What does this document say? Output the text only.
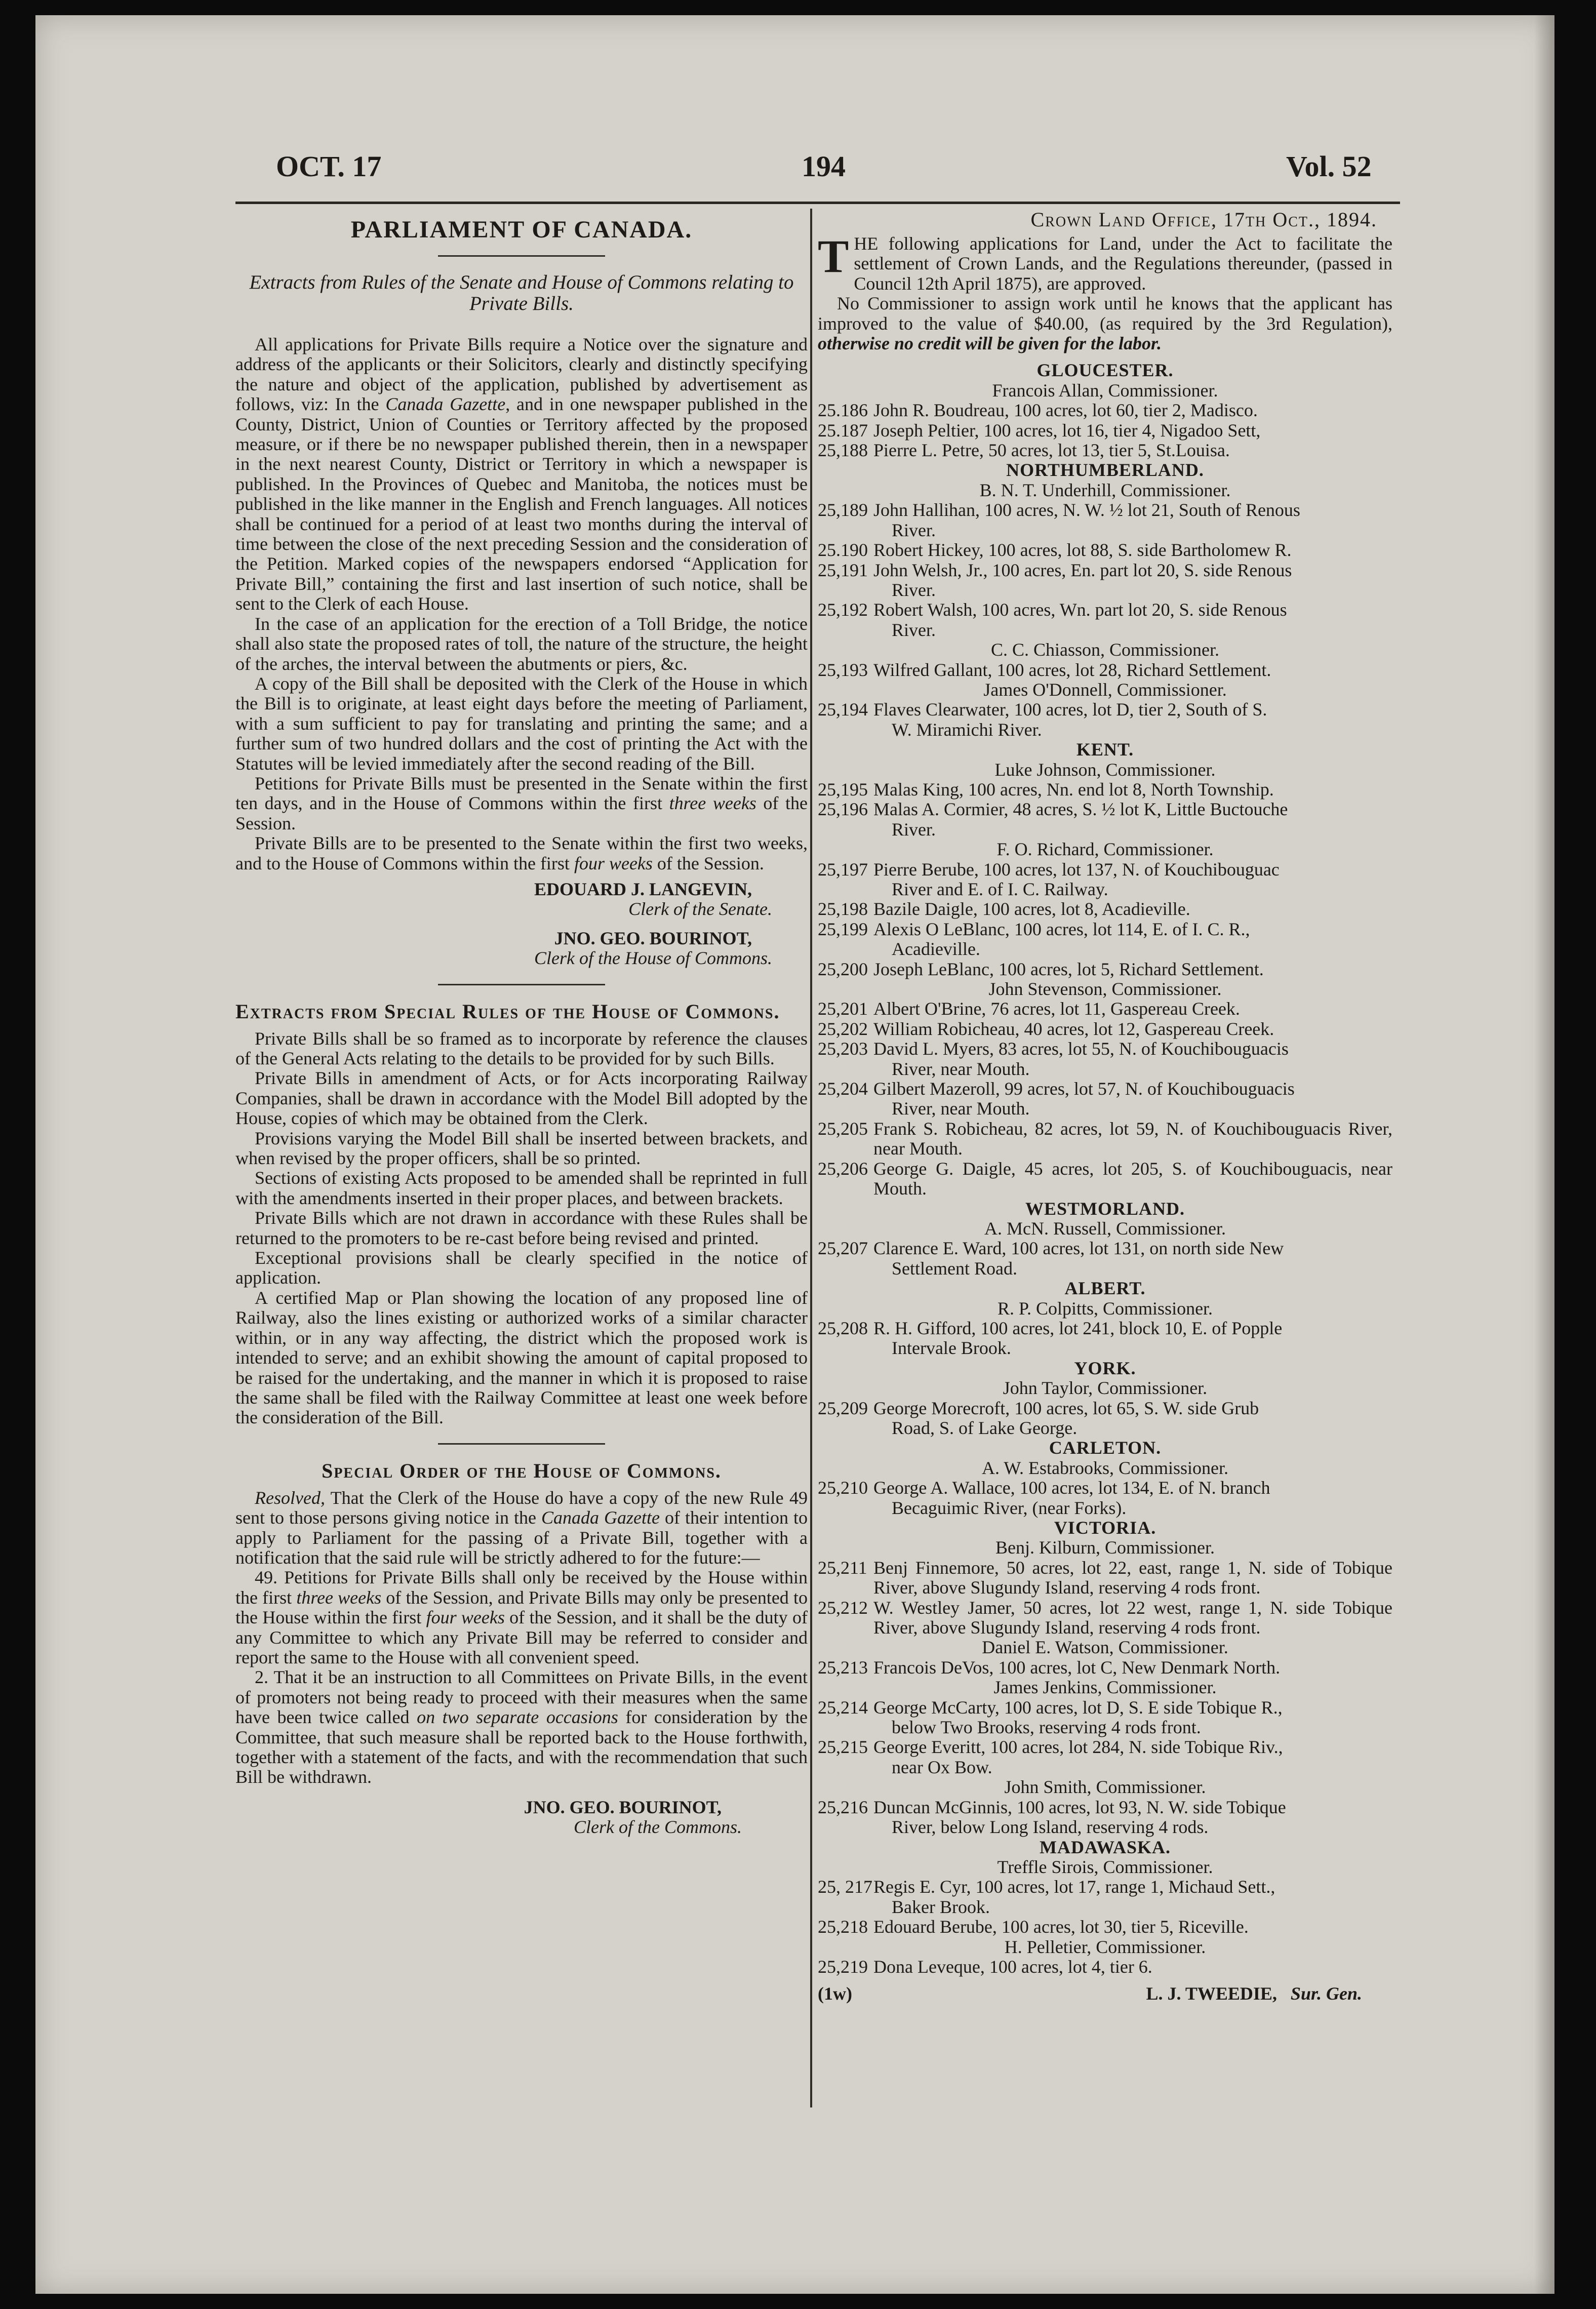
OCT. 17	194	Vol. 52
PARLIAMENT OF CANADA.

Extracts from Rules of the Senate and House of Commons relating to Private Bills.

All applications for Private Bills require a Notice over the signature and address of the applicants or their Solicitors, clearly and distinctly specifying the nature and object of the application, published by advertisement as follows, viz: In the Canada Gazette, and in one newspaper published in the County, District, Union of Counties or Territory affected by the proposed measure, or if there be no newspaper published therein, then in a newspaper in the next nearest County, District or Territory in which a newspaper is published. In the Provinces of Quebec and Manitoba, the notices must be published in the like manner in the English and French languages. All notices shall be continued for a period of at least two months during the interval of time between the close of the next preceding Session and the consideration of the Petition. Marked copies of the newspapers endorsed “Application for Private Bill,” containing the first and last insertion of such notice, shall be sent to the Clerk of each House.

In the case of an application for the erection of a Toll Bridge, the notice shall also state the proposed rates of toll, the nature of the structure, the height of the arches, the interval between the abutments or piers, &c.

A copy of the Bill shall be deposited with the Clerk of the House in which the Bill is to originate, at least eight days before the meeting of Parliament, with a sum sufficient to pay for translating and printing the same; and a further sum of two hundred dollars and the cost of printing the Act with the Statutes will be levied immediately after the second reading of the Bill.

Petitions for Private Bills must be presented in the Senate within the first ten days, and in the House of Commons within the first three weeks of the Session.

Private Bills are to be presented to the Senate within the first two weeks, and to the House of Commons within the first four weeks of the Session.

EDOUARD J. LANGEVIN,
Clerk of the Senate.
JNO. GEO. BOURINOT,
Clerk of the House of Commons.
Extracts from Special Rules of the House of Commons.

Private Bills shall be so framed as to incorporate by reference the clauses of the General Acts relating to the details to be provided for by such Bills.

Private Bills in amendment of Acts, or for Acts incorporating Railway Companies, shall be drawn in accordance with the Model Bill adopted by the House, copies of which may be obtained from the Clerk.

Provisions varying the Model Bill shall be inserted between brackets, and when revised by the proper officers, shall be so printed.

Sections of existing Acts proposed to be amended shall be reprinted in full with the amendments inserted in their proper places, and between brackets.

Private Bills which are not drawn in accordance with these Rules shall be returned to the promoters to be re-cast before being revised and printed.

Exceptional provisions shall be clearly specified in the notice of application.

A certified Map or Plan showing the location of any proposed line of Railway, also the lines existing or authorized works of a similar character within, or in any way affecting, the district which the proposed work is intended to serve; and an exhibit showing the amount of capital proposed to be raised for the undertaking, and the manner in which it is proposed to raise the same shall be filed with the Railway Committee at least one week before the consideration of the Bill.

Special Order of the House of Commons.

Resolved, That the Clerk of the House do have a copy of the new Rule 49 sent to those persons giving notice in the Canada Gazette of their intention to apply to Parliament for the passing of a Private Bill, together with a notification that the said rule will be strictly adhered to for the future:—

49. Petitions for Private Bills shall only be received by the House within the first three weeks of the Session, and Private Bills may only be presented to the House within the first four weeks of the Session, and it shall be the duty of any Committee to which any Private Bill may be referred to consider and report the same to the House with all convenient speed.

2. That it be an instruction to all Committees on Private Bills, in the event of promoters not being ready to proceed with their measures when the same have been twice called on two separate occasions for consideration by the Committee, that such measure shall be reported back to the House forthwith, together with a statement of the facts, and with the recommendation that such Bill be withdrawn.

JNO. GEO. BOURINOT,
Clerk of the Commons.
Crown Land Office, 17th Oct., 1894.

THE following applications for Land, under the Act to facilitate the settlement of Crown Lands, and the Regulations thereunder, (passed in Council 12th April 1875), are approved.

No Commissioner to assign work until he knows that the applicant has improved to the value of $40.00, (as required by the 3rd Regulation), otherwise no credit will be given for the labor.

GLOUCESTER.
Francois Allan, Commissioner.
25.186 John R. Boudreau, 100 acres, lot 60, tier 2, Madisco.
25.187 Joseph Peltier, 100 acres, lot 16, tier 4, Nigadoo Sett,
25,188 Pierre L. Petre, 50 acres, lot 13, tier 5, St.Louisa.
NORTHUMBERLAND.
B. N. T. Underhill, Commissioner.
25,189 John Hallihan, 100 acres, N. W. ½ lot 21, South of Renous
River.
25.190 Robert Hickey, 100 acres, lot 88, S. side Bartholomew R.
25,191 John Welsh, Jr., 100 acres, En. part lot 20, S. side Renous
River.
25,192 Robert Walsh, 100 acres, Wn. part lot 20, S. side Renous
River.
C. C. Chiasson, Commissioner.
25,193 Wilfred Gallant, 100 acres, lot 28, Richard Settlement.
James O'Donnell, Commissioner.
25,194 Flaves Clearwater, 100 acres, lot D, tier 2, South of S.
W. Miramichi River.
KENT.
Luke Johnson, Commissioner.
25,195 Malas King, 100 acres, Nn. end lot 8, North Township.
25,196 Malas A. Cormier, 48 acres, S. ½ lot K, Little Buctouche
River.
F. O. Richard, Commissioner.
25,197 Pierre Berube, 100 acres, lot 137, N. of Kouchibouguac
River and E. of I. C. Railway.
25,198 Bazile Daigle, 100 acres, lot 8, Acadieville.
25,199 Alexis O LeBlanc, 100 acres, lot 114, E. of I. C. R.,
Acadieville.
25,200 Joseph LeBlanc, 100 acres, lot 5, Richard Settlement.
John Stevenson, Commissioner.
25,201 Albert O'Brine, 76 acres, lot 11, Gaspereau Creek.
25,202 William Robicheau, 40 acres, lot 12, Gaspereau Creek.
25,203 David L. Myers, 83 acres, lot 55, N. of Kouchibouguacis
River, near Mouth.
25,204 Gilbert Mazeroll, 99 acres, lot 57, N. of Kouchibouguacis
River, near Mouth.
25,205 Frank S. Robicheau, 82 acres, lot 59, N. of Kouchibouguacis River, near Mouth.
25,206 George G. Daigle, 45 acres, lot 205, S. of Kouchibouguacis, near Mouth.
WESTMORLAND.
A. McN. Russell, Commissioner.
25,207 Clarence E. Ward, 100 acres, lot 131, on north side New
Settlement Road.
ALBERT.
R. P. Colpitts, Commissioner.
25,208 R. H. Gifford, 100 acres, lot 241, block 10, E. of Popple
Intervale Brook.
YORK.
John Taylor, Commissioner.
25,209 George Morecroft, 100 acres, lot 65, S. W. side Grub
Road, S. of Lake George.
CARLETON.
A. W. Estabrooks, Commissioner.
25,210 George A. Wallace, 100 acres, lot 134, E. of N. branch
Becaguimic River, (near Forks).
VICTORIA.
Benj. Kilburn, Commissioner.
25,211 Benj Finnemore, 50 acres, lot 22, east, range 1, N. side of Tobique River, above Slugundy Island, reserving 4 rods front.
25,212 W. Westley Jamer, 50 acres, lot 22 west, range 1, N. side Tobique River, above Slugundy Island, reserving 4 rods front.
Daniel E. Watson, Commissioner.
25,213 Francois DeVos, 100 acres, lot C, New Denmark North.
James Jenkins, Commissioner.
25,214 George McCarty, 100 acres, lot D, S. E side Tobique R.,
below Two Brooks, reserving 4 rods front.
25,215 George Everitt, 100 acres, lot 284, N. side Tobique Riv.,
near Ox Bow.
John Smith, Commissioner.
25,216 Duncan McGinnis, 100 acres, lot 93, N. W. side Tobique
River, below Long Island, reserving 4 rods.
MADAWASKA.
Treffle Sirois, Commissioner.
25, 217 Regis E. Cyr, 100 acres, lot 17, range 1, Michaud Sett.,
Baker Brook.
25,218 Edouard Berube, 100 acres, lot 30, tier 5, Riceville.
H. Pelletier, Commissioner.
25,219 Dona Leveque, 100 acres, lot 4, tier 6.
(1w)	L. J. TWEEDIE, Sur. Gen.
